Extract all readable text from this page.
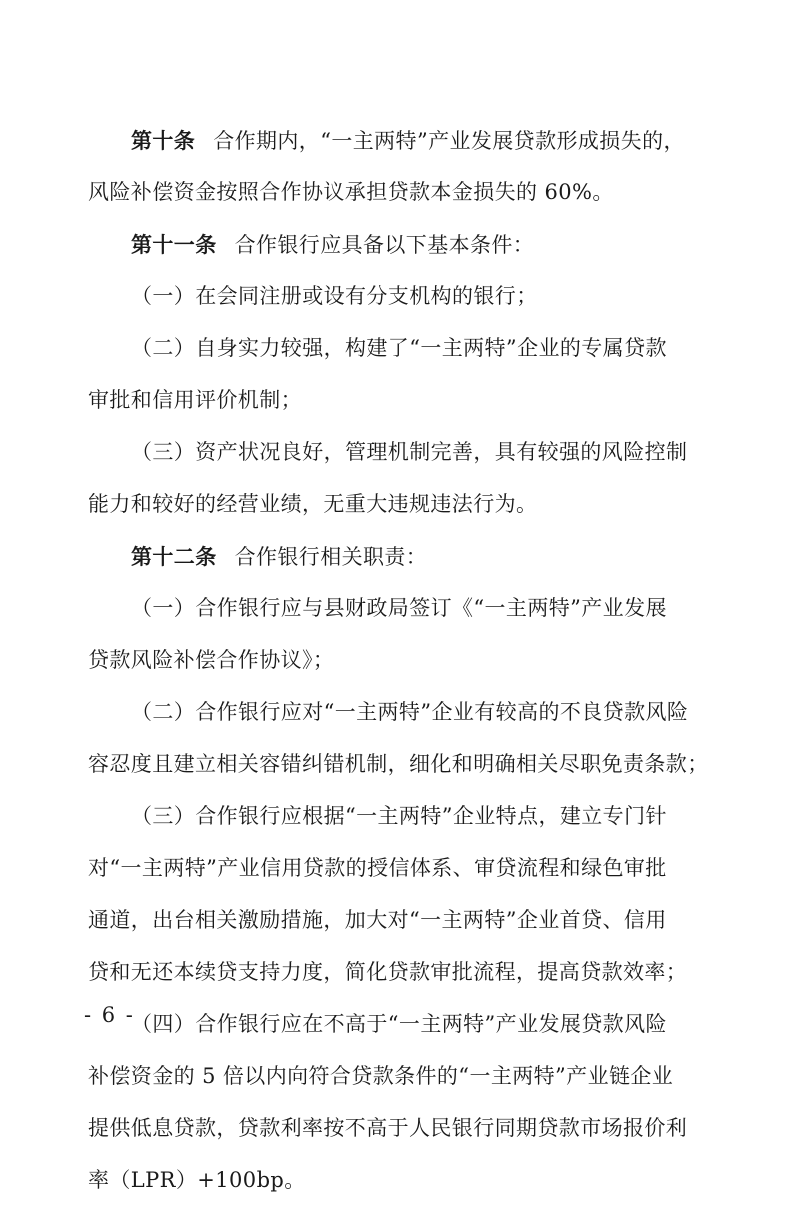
第十条 合作期内，“一主两特”产业发展贷款形成损失的，
风险补偿资金按照合作协议承担贷款本金损失的 60%。
第十一条 合作银行应具备以下基本条件：
（一）在会同注册或设有分支机构的银行；
（二）自身实力较强，构建了“一主两特”企业的专属贷款
审批和信用评价机制；
（三）资产状况良好，管理机制完善，具有较强的风险控制
能力和较好的经营业绩，无重大违规违法行为。
第十二条 合作银行相关职责：
（一）合作银行应与县财政局签订《“一主两特”产业发展
贷款风险补偿合作协议》；
（二）合作银行应对“一主两特”企业有较高的不良贷款风险
容忍度且建立相关容错纠错机制，细化和明确相关尽职免责条款；
（三）合作银行应根据“一主两特”企业特点，建立专门针
对“一主两特”产业信用贷款的授信体系、审贷流程和绿色审批
通道，出台相关激励措施，加大对“一主两特”企业首贷、信用
贷和无还本续贷支持力度，简化贷款审批流程，提高贷款效率；
（四）合作银行应在不高于“一主两特”产业发展贷款风险
补偿资金的 5 倍以内向符合贷款条件的“一主两特”产业链企业
提供低息贷款，贷款利率按不高于人民银行同期贷款市场报价利
率（LPR）+100bp。
- 6 -
